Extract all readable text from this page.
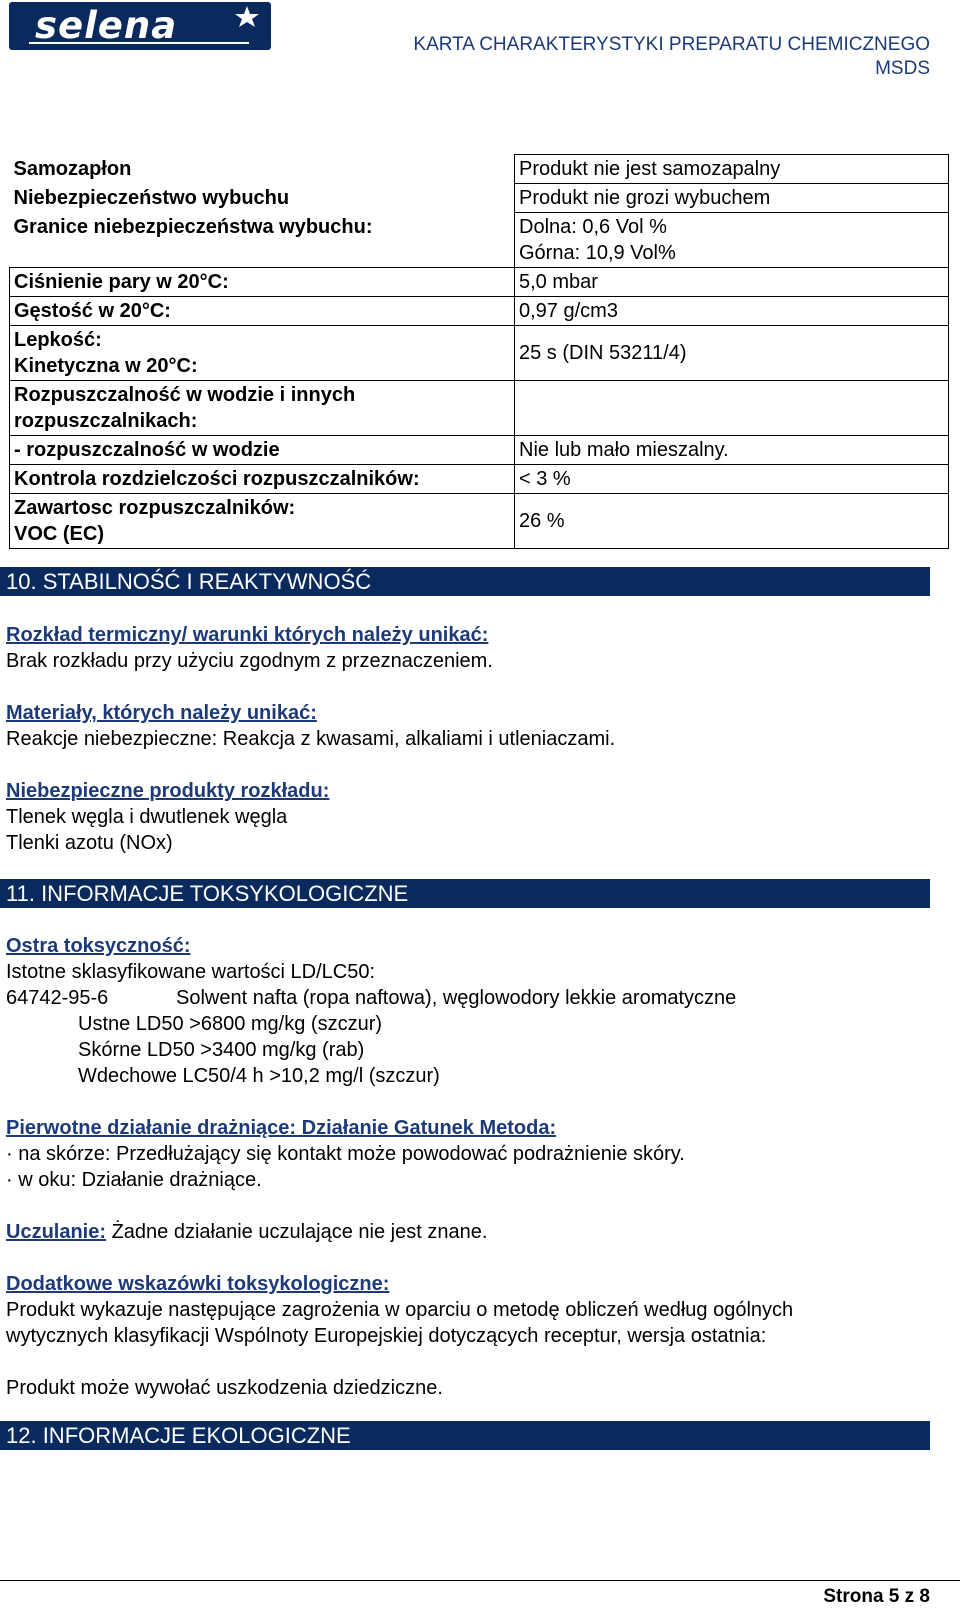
selena	KARTA CHARAKTERYSTYKI PREPARATU CHEMICZNEGO
MSDS
Samozapłon	Produkt nie jest samozapalny
Niebezpieczeństwo wybuchu	Produkt nie grozi wybuchem
Granice niebezpieczeństwa wybuchu:	Dolna: 0,6 Vol %
Górna: 10,9 Vol%

Ciśnienie pary w 20°C:	5,0 mbar
Gęstość w 20°C:	0,97 g/cm3

Lepkość:
Kinetyczna w 20°C:	25 s (DIN 53211/4)

Rozpuszczalność w wodzie i innych
rozpuszczalnikach:	

- rozpuszczalność w wodzie	Nie lub mało mieszalny.
Kontrola rozdzielczości rozpuszczalników:	< 3 %

Zawartosc rozpuszczalników:
VOC (EC)	26 %
10. STABILNOŚĆ I REAKTYWNOŚĆ
Rozkład termiczny/ warunki których należy unikać:
Brak rozkładu przy użyciu zgodnym z przeznaczeniem.
Materiały, których należy unikać:
Reakcje niebezpieczne: Reakcja z kwasami, alkaliami i utleniaczami.
Niebezpieczne produkty rozkładu:
Tlenek węgla i dwutlenek węgla
Tlenki azotu (NOx)
11. INFORMACJE TOKSYKOLOGICZNE
Ostra toksyczność:
Istotne sklasyfikowane wartości LD/LC50:
64742-95-6	Solwent nafta (ropa naftowa), węglowodory lekkie aromatyczne
Ustne LD50 >6800 mg/kg (szczur)
Skórne LD50 >3400 mg/kg (rab)
Wdechowe LC50/4 h >10,2 mg/l (szczur)
Pierwotne działanie drażniące: Działanie Gatunek Metoda:
· na skórze: Przedłużający się kontakt może powodować podrażnienie skóry.
· w oku: Działanie drażniące.
Uczulanie: Żadne działanie uczulające nie jest znane.
Dodatkowe wskazówki toksykologiczne:
Produkt wykazuje następujące zagrożenia w oparciu o metodę obliczeń według ogólnych
wytycznych klasyfikacji Wspólnoty Europejskiej dotyczących receptur, wersja ostatnia:
Produkt może wywołać uszkodzenia dziedziczne.
12. INFORMACJE EKOLOGICZNE
Strona 5 z 8
